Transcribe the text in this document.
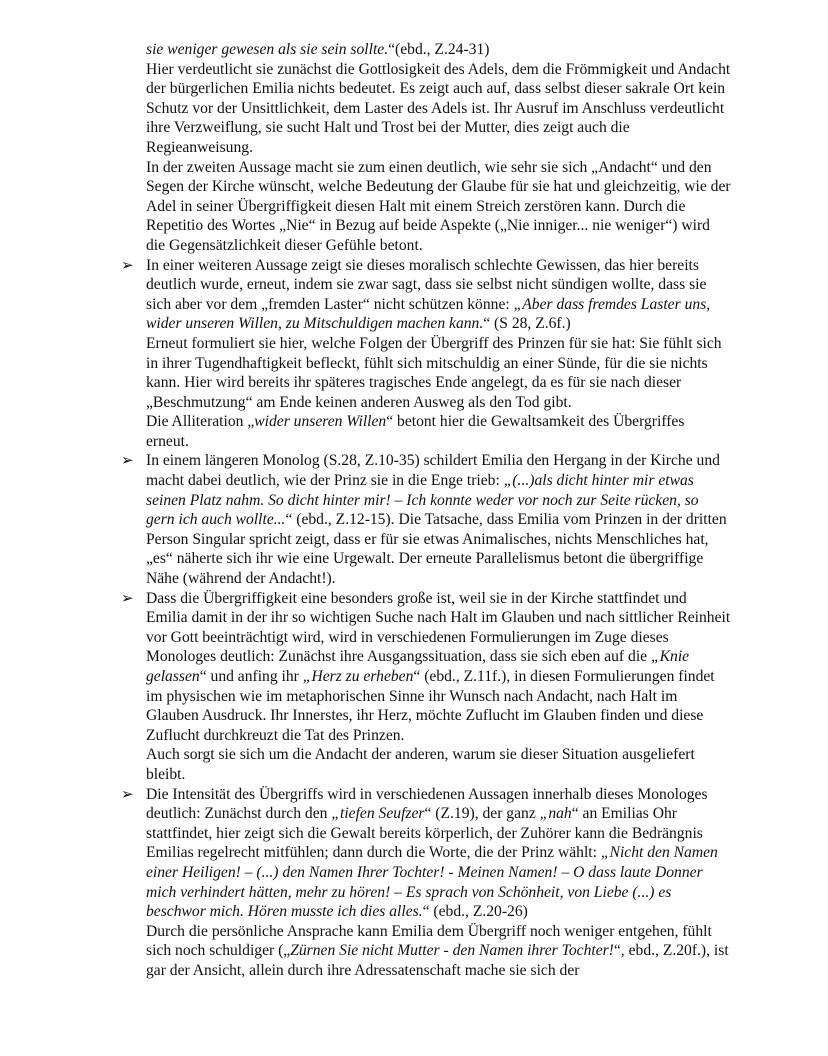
sie weniger gewesen als sie sein sollte.“(ebd., Z.24-31)

Hier verdeutlicht sie zunächst die Gottlosigkeit des Adels, dem die Frömmigkeit und Andacht der bürgerlichen Emilia nichts bedeutet. Es zeigt auch auf, dass selbst dieser sakrale Ort kein Schutz vor der Unsittlichkeit, dem Laster des Adels ist. Ihr Ausruf im Anschluss verdeutlicht ihre Verzweiflung, sie sucht Halt und Trost bei der Mutter, dies zeigt auch die Regieanweisung.

In der zweiten Aussage macht sie zum einen deutlich, wie sehr sie sich „Andacht“ und den Segen der Kirche wünscht, welche Bedeutung der Glaube für sie hat und gleichzeitig, wie der Adel in seiner Übergriffigkeit diesen Halt mit einem Streich zerstören kann. Durch die Repetitio des Wortes „Nie“ in Bezug auf beide Aspekte („Nie inniger... nie weniger“) wird die Gegensätzlichkeit dieser Gefühle betont.

➢ In einer weiteren Aussage zeigt sie dieses moralisch schlechte Gewissen, das hier bereits deutlich wurde, erneut, indem sie zwar sagt, dass sie selbst nicht sündigen wollte, dass sie sich aber vor dem „fremden Laster“ nicht schützen könne: „Aber dass fremdes Laster uns, wider unseren Willen, zu Mitschuldigen machen kann.“ (S 28, Z.6f.)

Erneut formuliert sie hier, welche Folgen der Übergriff des Prinzen für sie hat: Sie fühlt sich in ihrer Tugendhaftigkeit befleckt, fühlt sich mitschuldig an einer Sünde, für die sie nichts kann. Hier wird bereits ihr späteres tragisches Ende angelegt, da es für sie nach dieser „Beschmutzung“ am Ende keinen anderen Ausweg als den Tod gibt.

Die Alliteration „wider unseren Willen“ betont hier die Gewaltsamkeit des Übergriffes erneut.

➢ In einem längeren Monolog (S.28, Z.10-35) schildert Emilia den Hergang in der Kirche und macht dabei deutlich, wie der Prinz sie in die Enge trieb: „(...)als dicht hinter mir etwas seinen Platz nahm. So dicht hinter mir! – Ich konnte weder vor noch zur Seite rücken, so gern ich auch wollte...“ (ebd., Z.12-15). Die Tatsache, dass Emilia vom Prinzen in der dritten Person Singular spricht zeigt, dass er für sie etwas Animalisches, nichts Menschliches hat, „es“ näherte sich ihr wie eine Urgewalt. Der erneute Parallelismus betont die übergriffige Nähe (während der Andacht!).

➢ Dass die Übergriffigkeit eine besonders große ist, weil sie in der Kirche stattfindet und Emilia damit in der ihr so wichtigen Suche nach Halt im Glauben und nach sittlicher Reinheit vor Gott beeinträchtigt wird, wird in verschiedenen Formulierungen im Zuge dieses Monologes deutlich: Zunächst ihre Ausgangssituation, dass sie sich eben auf die „Knie gelassen“ und anfing ihr „Herz zu erheben“ (ebd., Z.11f.), in diesen Formulierungen findet im physischen wie im metaphorischen Sinne ihr Wunsch nach Andacht, nach Halt im Glauben Ausdruck. Ihr Innerstes, ihr Herz, möchte Zuflucht im Glauben finden und diese Zuflucht durchkreuzt die Tat des Prinzen.

Auch sorgt sie sich um die Andacht der anderen, warum sie dieser Situation ausgeliefert bleibt.

➢ Die Intensität des Übergriffs wird in verschiedenen Aussagen innerhalb dieses Monologes deutlich: Zunächst durch den „tiefen Seufzer“ (Z.19), der ganz „nah“ an Emilias Ohr stattfindet, hier zeigt sich die Gewalt bereits körperlich, der Zuhörer kann die Bedrängnis Emilias regelrecht mitfühlen; dann durch die Worte, die der Prinz wählt: „Nicht den Namen einer Heiligen! – (...) den Namen Ihrer Tochter! - Meinen Namen! – O dass laute Donner mich verhindert hätten, mehr zu hören! – Es sprach von Schönheit, von Liebe (...) es beschwor mich. Hören musste ich dies alles.“ (ebd., Z.20-26)

Durch die persönliche Ansprache kann Emilia dem Übergriff noch weniger entgehen, fühlt sich noch schuldiger („Zürnen Sie nicht Mutter - den Namen ihrer Tochter!“, ebd., Z.20f.), ist gar der Ansicht, allein durch ihre Adressatenschaft mache sie sich der
